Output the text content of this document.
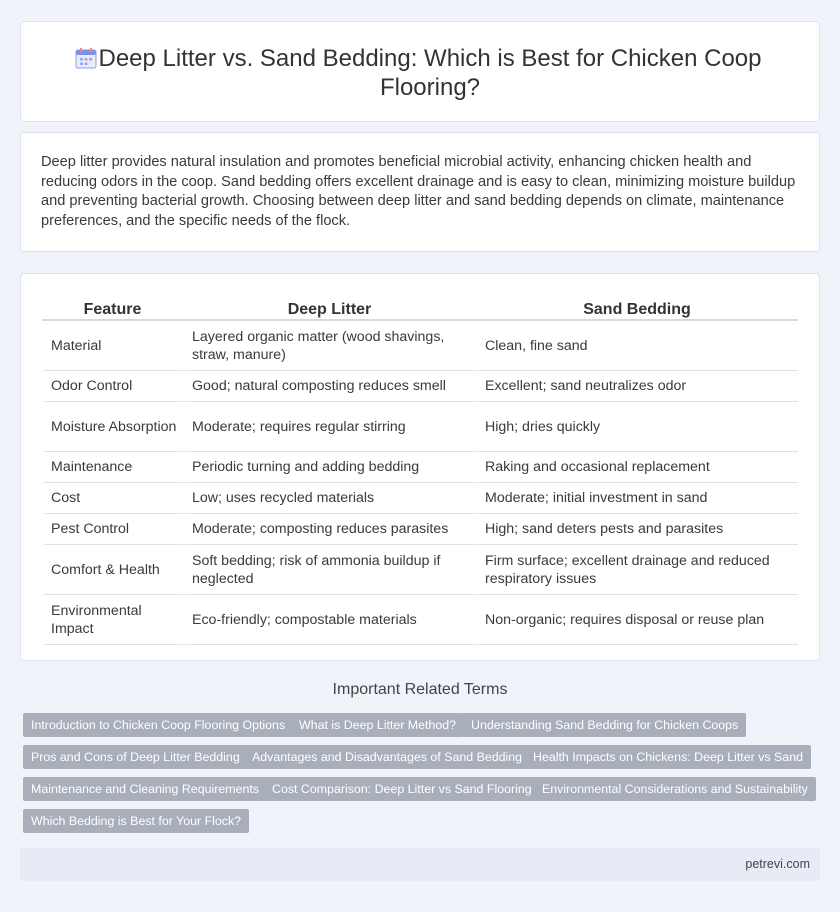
Deep Litter vs. Sand Bedding: Which is Best for Chicken Coop Flooring?

Deep litter provides natural insulation and promotes beneficial microbial activity, enhancing chicken health and reducing odors in the coop. Sand bedding offers excellent drainage and is easy to clean, minimizing moisture buildup and preventing bacterial growth. Choosing between deep litter and sand bedding depends on climate, maintenance preferences, and the specific needs of the flock.

Feature	Deep Litter	Sand Bedding
Material	Layered organic matter (wood shavings, straw, manure)	Clean, fine sand
Odor Control	Good; natural composting reduces smell	Excellent; sand neutralizes odor
Moisture Absorption	Moderate; requires regular stirring	High; dries quickly
Maintenance	Periodic turning and adding bedding	Raking and occasional replacement
Cost	Low; uses recycled materials	Moderate; initial investment in sand
Pest Control	Moderate; composting reduces parasites	High; sand deters pests and parasites
Comfort & Health	Soft bedding; risk of ammonia buildup if neglected	Firm surface; excellent drainage and reduced respiratory issues
Environmental Impact	Eco-friendly; compostable materials	Non-organic; requires disposal or reuse plan
Important Related Terms
Introduction to Chicken Coop Flooring Options	What is Deep Litter Method?	Understanding Sand Bedding for Chicken Coops
Pros and Cons of Deep Litter Bedding Advantages and Disadvantages of Sand Bedding Health Impacts on Chickens: Deep Litter vs Sand
Maintenance and Cleaning Requirements	Cost Comparison: Deep Litter vs Sand Flooring Environmental Considerations and Sustainability
Which Bedding is Best for Your Flock?
petrevi.com
